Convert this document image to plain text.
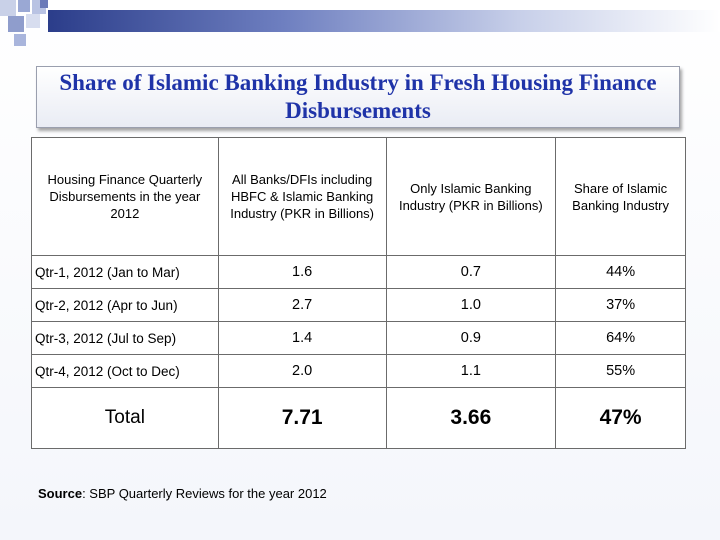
Share of Islamic Banking Industry in Fresh Housing Finance Disbursements
Housing Finance Quarterly Disbursements in the year 2012	All Banks/DFIs including HBFC & Islamic Banking Industry (PKR in Billions)	Only Islamic Banking Industry (PKR in Billions)	Share of Islamic Banking Industry
Qtr-1, 2012 (Jan to Mar)	1.6	0.7	44%
Qtr-2, 2012 (Apr to Jun)	2.7	1.0	37%
Qtr-3, 2012 (Jul to Sep)	1.4	0.9	64%
Qtr-4, 2012 (Oct to Dec)	2.0	1.1	55%
Total	7.71	3.66	47%
Source: SBP Quarterly Reviews for the year 2012
